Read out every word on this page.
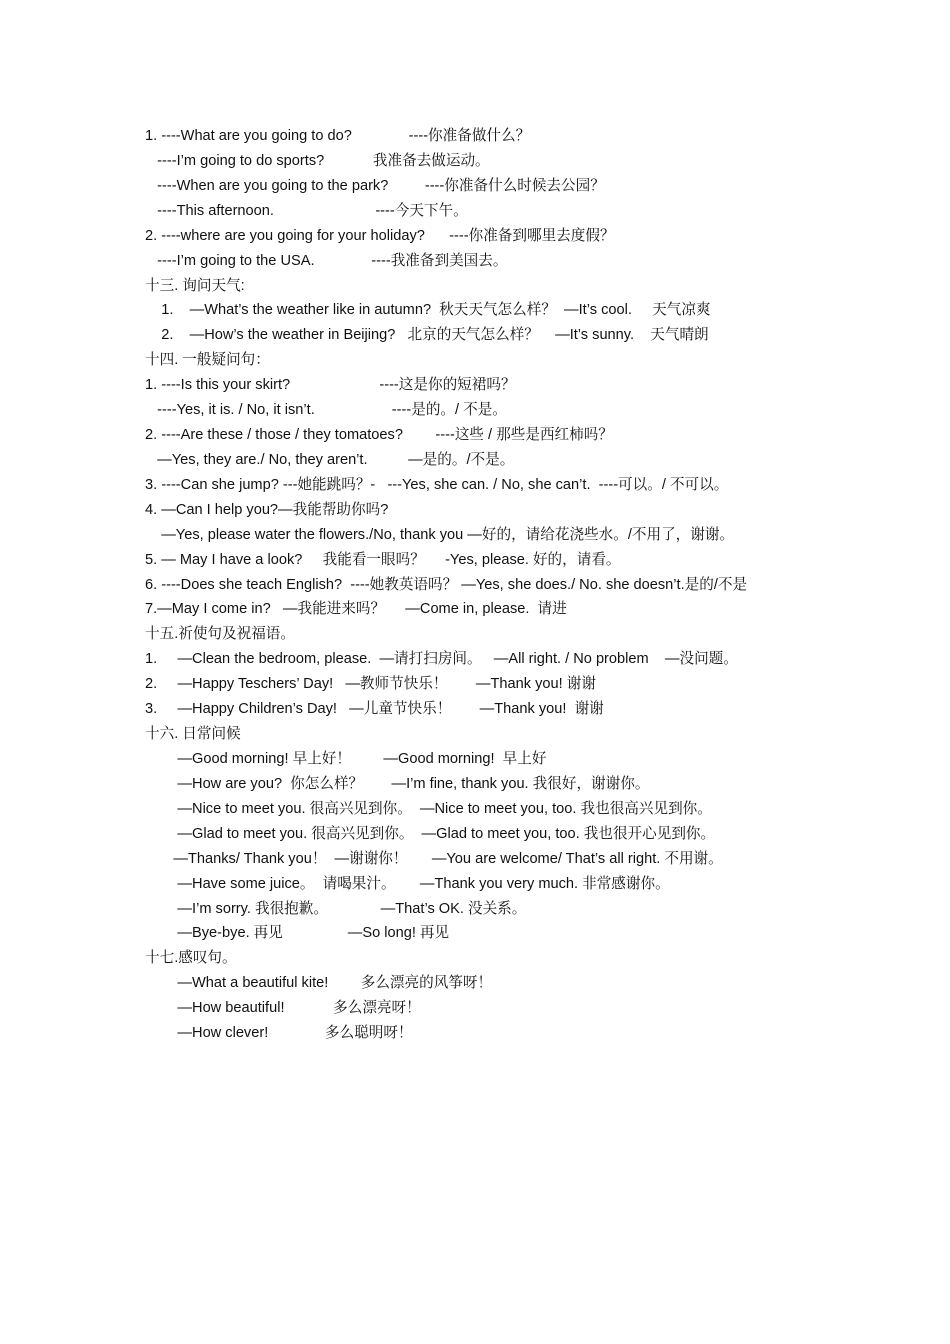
1. ----What are you going to do?              ----你准备做什么？
----I’m going to do sports?            我准备去做运动。
----When are you going to the park?         ----你准备什么时候去公园？
----This afternoon.                         ----今天下午。
2. ----where are you going for your holiday?      ----你准备到哪里去度假？
----I’m going to the USA.              ----我准备到美国去。
十三. 询问天气:
1.    —What’s the weather like in autumn?  秋天天气怎么样？  —It’s cool.     天气凉爽
2.    —How’s the weather in Beijing?   北京的天气怎么样？    —It’s sunny.    天气晴朗
十四. 一般疑问句：
1. ----Is this your skirt?                      ----这是你的短裙吗？
----Yes, it is. / No, it isn’t.                   ----是的。/ 不是。
2. ----Are these / those / they tomatoes?        ----这些 / 那些是西红柿吗？
—Yes, they are./ No, they aren’t.          —是的。/不是。
3. ----Can she jump? ---她能跳吗？-   ---Yes, she can. / No, she can’t.  ----可以。/ 不可以。
4. —Can I help you?—我能帮助你吗?
—Yes, please water the flowers./No, thank you —好的，请给花浇些水。/不用了，谢谢。
5. — May I have a look?     我能看一眼吗？     -Yes, please. 好的，请看。
6. ----Does she teach English?  ----她教英语吗？ —Yes, she does./ No. she doesn’t.是的/不是
7.—May I come in?   —我能进来吗？     —Come in, please.  请进
十五.祈使句及祝福语。
1.     —Clean the bedroom, please.  —请打扫房间。   —All right. / No problem    —没问题。
2.     —Happy Teschers’ Day!   —教师节快乐！       —Thank you! 谢谢
3.     —Happy Children’s Day!   —儿童节快乐！       —Thank you!  谢谢
十六. 日常问候
—Good morning! 早上好！        —Good morning!  早上好
—How are you?  你怎么样？       —I’m fine, thank you. 我很好，谢谢你。
—Nice to meet you. 很高兴见到你。  —Nice to meet you, too. 我也很高兴见到你。
—Glad to meet you. 很高兴见到你。  —Glad to meet you, too. 我也很开心见到你。
—Thanks/ Thank you！  —谢谢你！      —You are welcome/ That’s all right. 不用谢。
—Have some juice。  请喝果汁。      —Thank you very much. 非常感谢你。
—I’m sorry. 我很抱歉。             —That’s OK. 没关系。
—Bye-bye. 再见                —So long! 再见
十七.感叹句。
—What a beautiful kite!        多么漂亮的风筝呀！
—How beautiful!            多么漂亮呀！
—How clever!              多么聪明呀！
